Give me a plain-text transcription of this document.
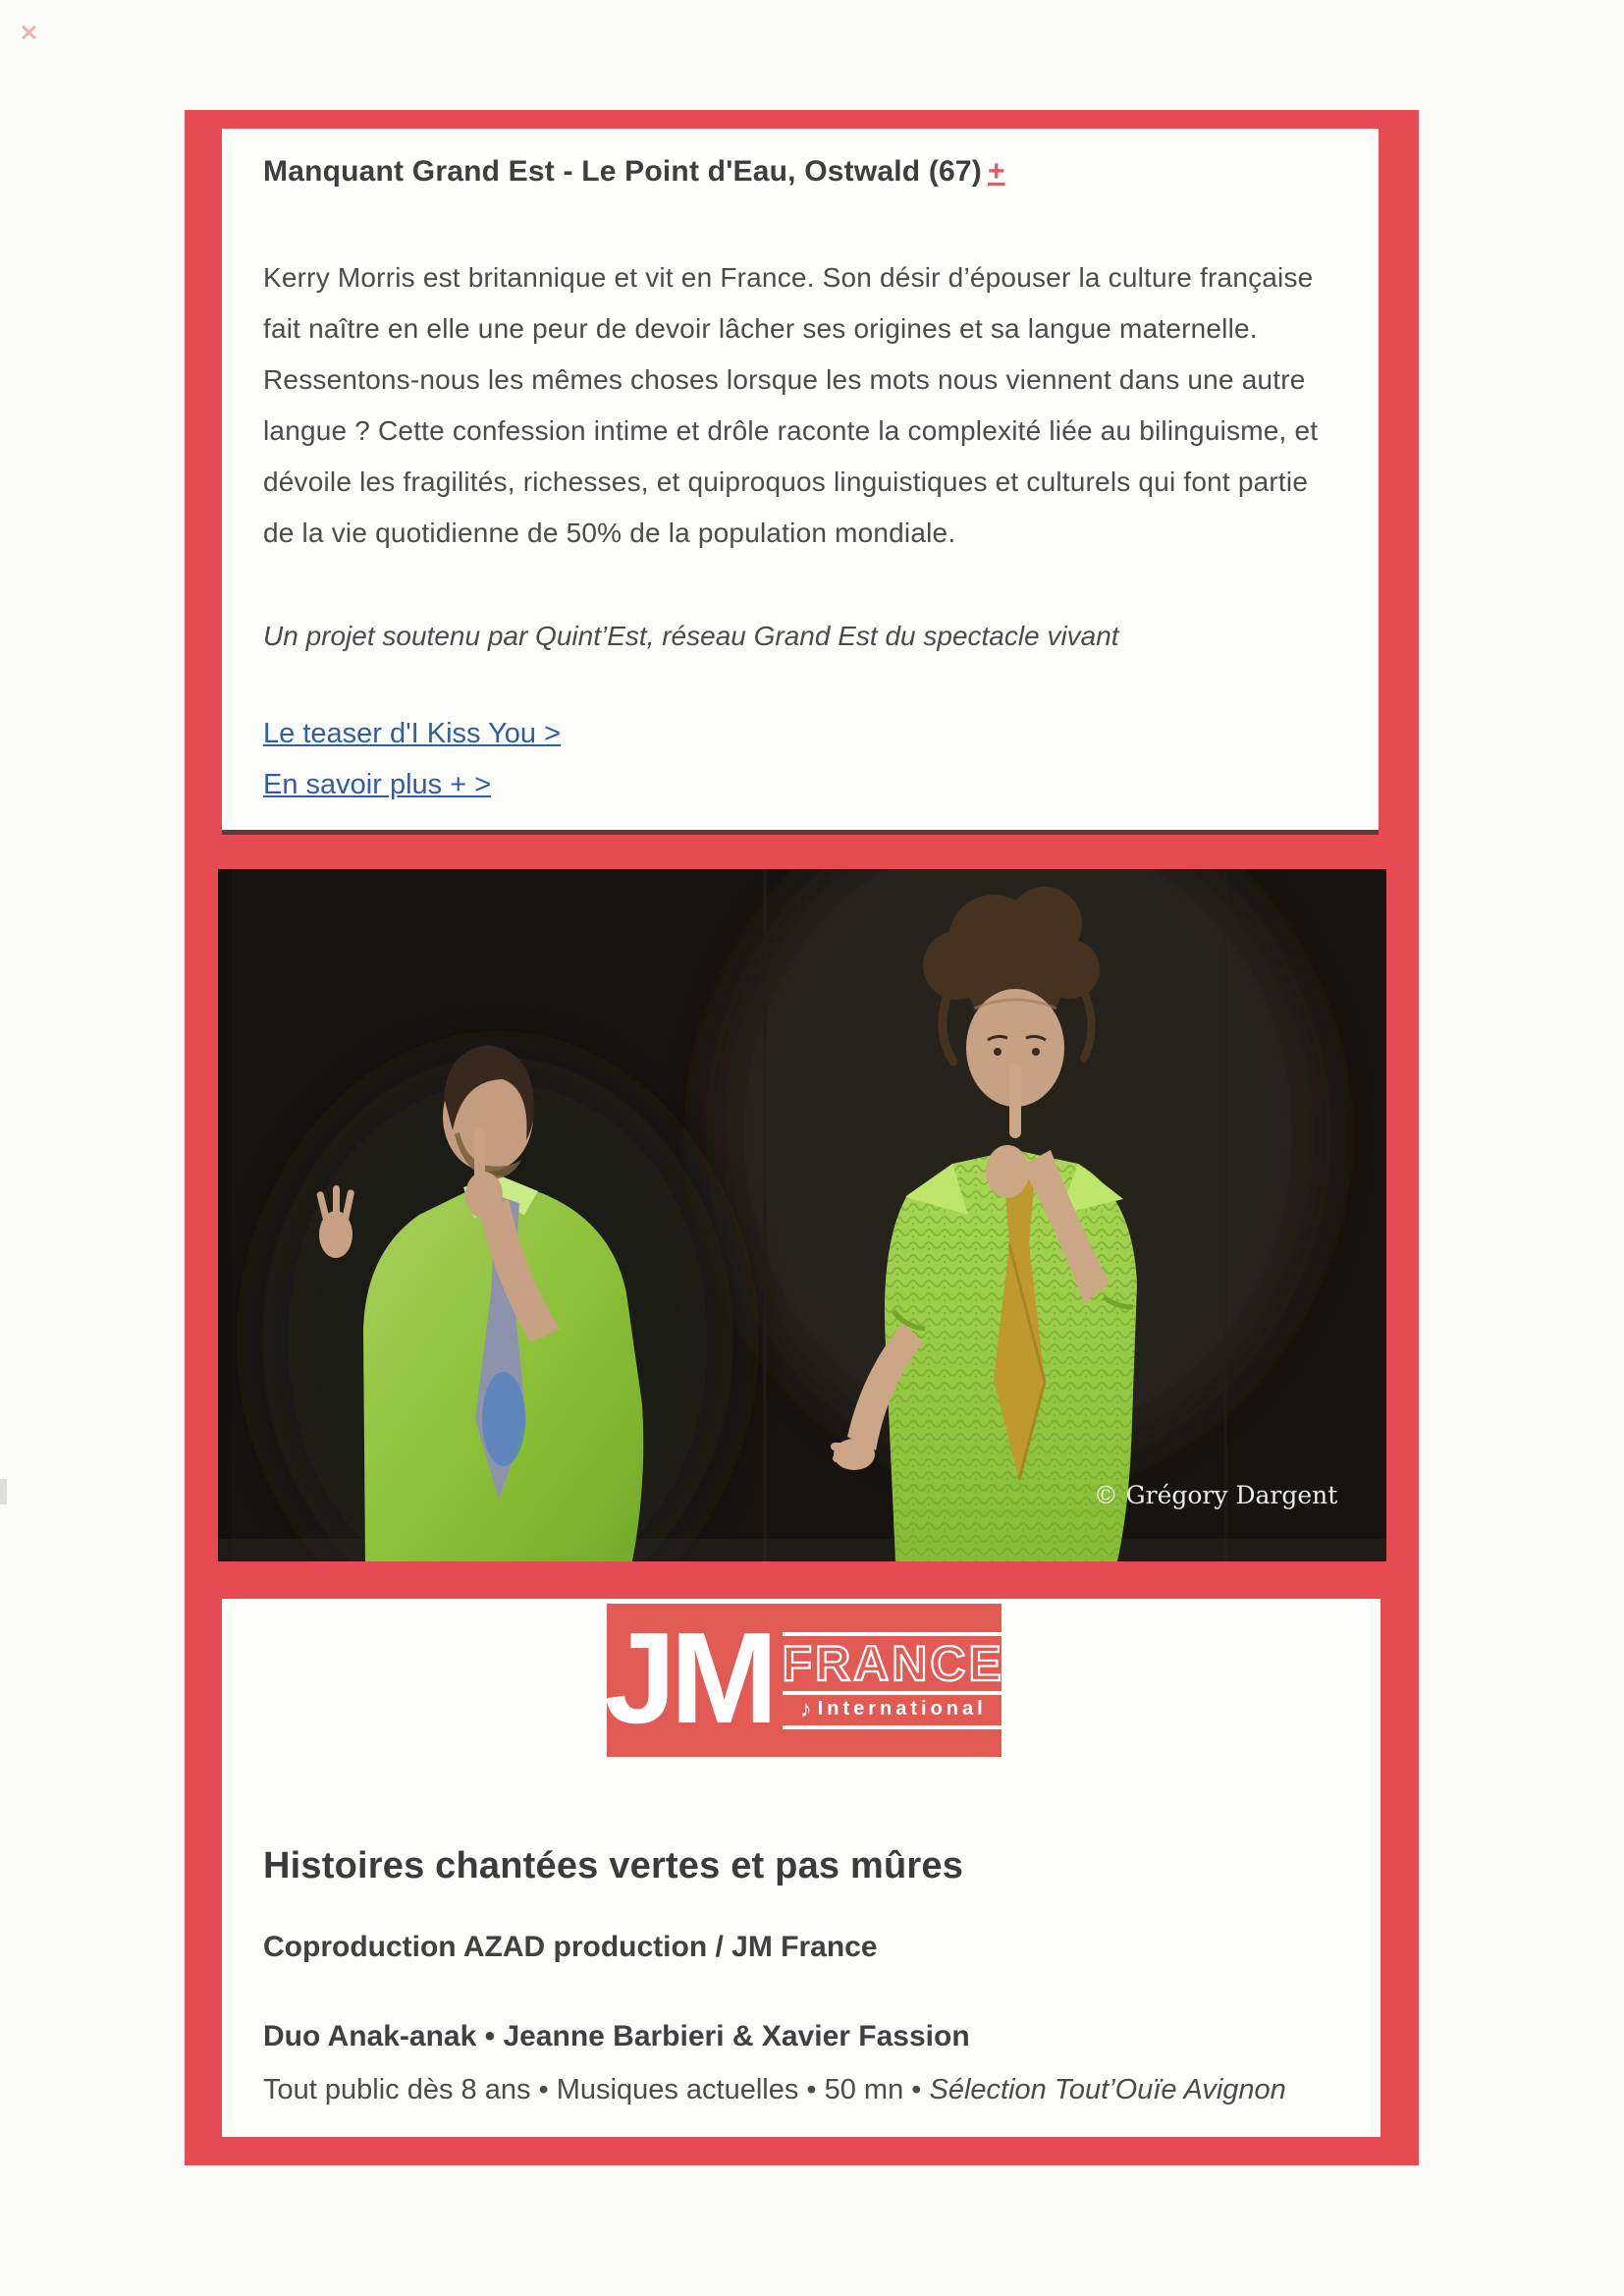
Manquant Grand Est - Le Point d'Eau, Ostwald (67) +

Kerry Morris est britannique et vit en France. Son désir d’épouser la culture française fait naître en elle une peur de devoir lâcher ses origines et sa langue maternelle. Ressentons-nous les mêmes choses lorsque les mots nous viennent dans une autre langue ? Cette confession intime et drôle raconte la complexité liée au bilinguisme, et dévoile les fragilités, richesses, et quiproquos linguistiques et culturels qui font partie de la vie quotidienne de 50% de la population mondiale.

Un projet soutenu par Quint’Est, réseau Grand Est du spectacle vivant

Le teaser d'I Kiss You >
En savoir plus + >
© Grégory Dargent
JM FRANCE
♪ International
Histoires chantées vertes et pas mûres

Coproduction AZAD production / JM France

Duo Anak-anak • Jeanne Barbieri & Xavier Fassion

Tout public dès 8 ans • Musiques actuelles • 50 mn • Sélection Tout’Ouïe Avignon
